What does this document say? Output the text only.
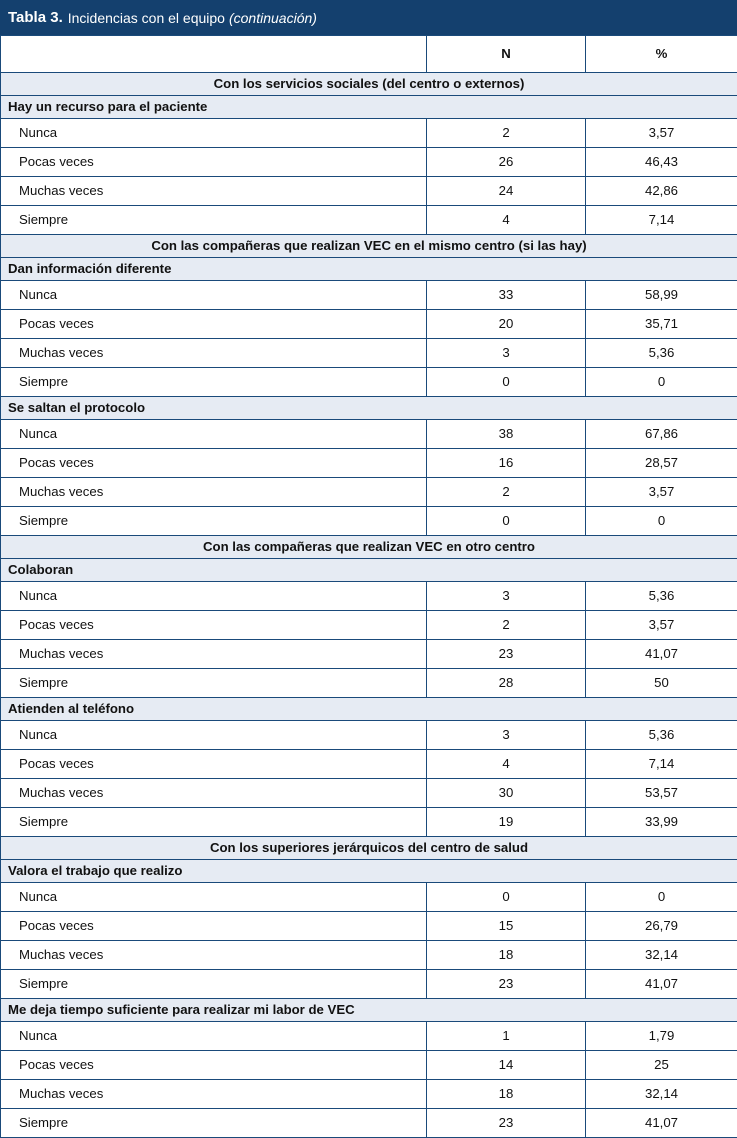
Tabla 3. Incidencias con el equipo (continuación)
	N	%
Con los servicios sociales (del centro o externos)		
Hay un recurso para el paciente		
Nunca	2	3,57
Pocas veces	26	46,43
Muchas veces	24	42,86
Siempre	4	7,14
Con las compañeras que realizan VEC en el mismo centro (si las hay)		
Dan información diferente		
Nunca	33	58,99
Pocas veces	20	35,71
Muchas veces	3	5,36
Siempre	0	0
Se saltan el protocolo		
Nunca	38	67,86
Pocas veces	16	28,57
Muchas veces	2	3,57
Siempre	0	0
Con las compañeras que realizan VEC en otro centro		
Colaboran		
Nunca	3	5,36
Pocas veces	2	3,57
Muchas veces	23	41,07
Siempre	28	50
Atienden al teléfono		
Nunca	3	5,36
Pocas veces	4	7,14
Muchas veces	30	53,57
Siempre	19	33,99
Con los superiores jerárquicos del centro de salud		
Valora el trabajo que realizo		
Nunca	0	0
Pocas veces	15	26,79
Muchas veces	18	32,14
Siempre	23	41,07
Me deja tiempo suficiente para realizar mi labor de VEC		
Nunca	1	1,79
Pocas veces	14	25
Muchas veces	18	32,14
Siempre	23	41,07
